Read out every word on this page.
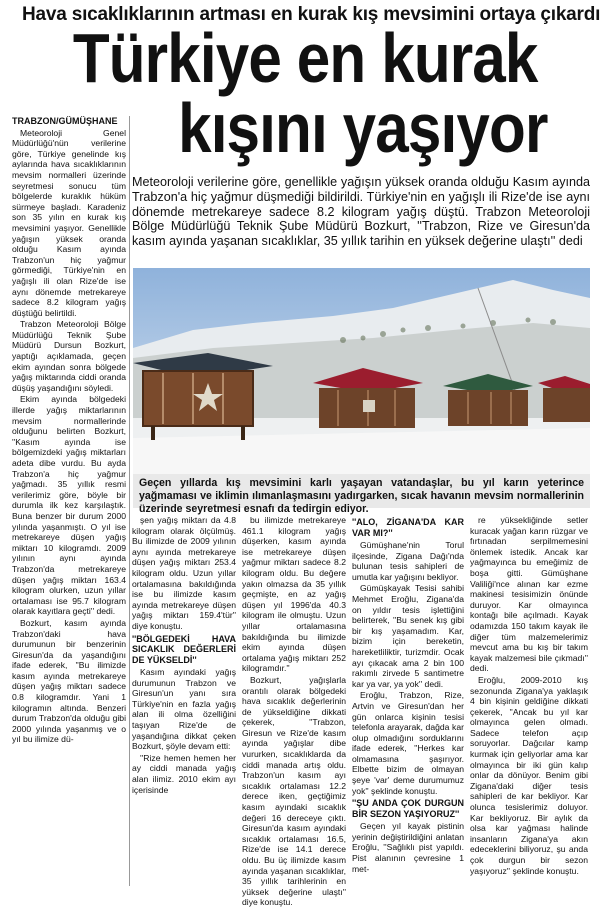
Hava sıcaklıklarının artması en kurak kış mevsimini ortaya çıkardı
Türkiye en kurak
kışını yaşıyor
Meteoroloji verilerine göre, genellikle yağışın yüksek oranda olduğu Kasım ayında Trabzon'a hiç yağmur düşmediği bildirildi. Türkiye'nin en yağışlı ili Rize'de ise aynı dönemde metrekareye sadece 8.2 kilogram yağış düştü. Trabzon Meteoroloji Bölge Müdürlüğü Teknik Şube Müdürü Bozkurt, ''Trabzon, Rize ve Giresun'da kasım ayında yaşanan sıcaklıklar, 35 yıllık tarihin en yüksek değerine ulaştı'' dedi
Geçen yıllarda kış mevsimini karlı yaşayan vatandaşlar, bu yıl karın yeterince yağmaması ve iklimin ılımanlaşmasını yadırgarken, sıcak havanın mevsim normallerinin üzerinde seyretmesi esnafı da tedirgin ediyor.

TRABZON/GÜMÜŞHANE

Meteoroloji Genel Müdürlüğü'nün verilerine göre, Türkiye genelinde kış aylarında hava sıcaklıklarının mevsim normalleri üzerinde seyretmesi sonucu tüm bölgelerde kuraklık hüküm sürmeye başladı. Karadeniz son 35 yılın en kurak kış mevsimini yaşıyor. Genellikle yağışın yüksek oranda olduğu Kasım ayında Trabzon'un hiç yağmur görmediği, Türkiye'nin en yağışlı ili olan Rize'de ise aynı dönemde metrekareye sadece 8.2 kilogram yağış düştüğü belirtildi.

Trabzon Meteoroloji Bölge Müdürlüğü Teknik Şube Müdürü Dursun Bozkurt, yaptığı açıklamada, geçen ekim ayından sonra bölgede yağış miktarında ciddi oranda düşüş yaşandığını söyledi.

Ekim ayında bölgedeki illerde yağış miktarlarının mevsim normallerinde olduğunu belirten Bozkurt, ''Kasım ayında ise bölgemizdeki yağış miktarları adeta dibe vurdu. Bu ayda Trabzon'a hiç yağmur yağmadı. 35 yıllık resmi verilerimiz göre, böyle bir durumla ilk kez karşılaştık. Buna benzer bir durum 2000 yılında yaşanmıştı. O yıl ise metrekareye düşen yağış miktarı 10 kilogramdı. 2009 yılının aynı ayında Trabzon'da metrekareye düşen yağış miktarı 163.4 kilogram olurken, uzun yıllar ortalaması ise 95.7 kilogram olarak kayıtlara geçti'' dedi.

Bozkurt, kasım ayında Trabzon'daki hava durumunun bir benzerinin Giresun'da da yaşandığını ifade ederek, ''Bu ilimizde kasım ayında metrekareye düşen yağış miktarı sadece 0.8 kilogramdır. Yani 1 kilogramın altında. Benzeri durum Trabzon'da olduğu gibi 2000 yılında yaşanmış ve o yıl bu ilimize dü-

şen yağış miktarı da 4.8 kilogram olarak ölçülmüş. Bu ilimizde de 2009 yılının aynı ayında metrekareye düşen yağış miktarı 253.4 kilogram oldu. Uzun yıllar ortalamasına bakıldığında ise bu ilimizde kasım ayında metrekareye düşen yağış miktarı 159.4'tür'' diye konuştu.

''BÖLGEDEKİ HAVA SICAKLIK DEĞERLERİ DE YÜKSELDİ''

Kasım ayındaki yağış durumunun Trabzon ve Giresun'un yanı sıra Türkiye'nin en fazla yağış alan ili olma özelliğini taşıyan Rize'de de yaşandığına dikkat çeken Bozkurt, şöyle devam etti:

''Rize hemen hemen her ay ciddi manada yağış alan ilimiz. 2010 ekim ayı içerisinde

bu ilimizde metrekareye 461.1 kilogram yağış düşerken, kasım ayında ise metrekareye düşen yağmur miktarı sadece 8.2 kilogram oldu. Bu değere yakın olmazsa da 35 yıllık geçmişte, en az yağış düşen yıl 1996'da 40.3 kilogram ile olmuştu. Uzun yıllar ortalamasına bakıldığında bu ilimizde ekim ayında düşen ortalama yağış miktarı 252 kilogramdır.''

Bozkurt, yağışlarla orantılı olarak bölgedeki hava sıcaklık değerlerinin de yükseldiğine dikkati çekerek, ''Trabzon, Giresun ve Rize'de kasım ayında yağışlar dibe vururken, sıcaklıklarda da ciddi manada artış oldu. Trabzon'un kasım ayı sıcaklık ortalaması 12.2 derece iken, geçtiğimiz kasım ayındaki sıcaklık değeri 16 dereceye çıktı. Giresun'da kasım ayındaki sıcaklık ortalaması 16.5, Rize'de ise 14.1 derece oldu. Bu üç ilimizde kasım ayında yaşanan sıcaklıklar, 35 yıllık tarihlerinin en yüksek değerine ulaştı'' diye konuştu.

''ALO, ZİGANA'DA KAR VAR MI?''

Gümüşhane'nin Torul ilçesinde, Zigana Dağı'nda bulunan tesis sahipleri de umutla kar yağışını bekliyor.

Gümüşkayak Tesisi sahibi Mehmet Eroğlu, Zigana'da on yıldır tesis işlettiğini belirterek, ''Bu senek kış gibi bir kış yaşamadım. Kar, bizim için bereketin, hareketliliktir, turizmdir. Ocak ayı çıkacak ama 2 bin 100 rakımlı zirvede 5 santimetre kar ya var, ya yok'' dedi.

Eroğlu, Trabzon, Rize, Artvin ve Giresun'dan her gün onlarca kişinin tesisi telefonla arayarak, dağda kar olup olmadığını sorduklarını ifade ederek, ''Herkes kar olmamasına şaşırıyor. Elbette bizim de olmayan şeye 'var' deme durumumuz yok'' şeklinde konuştu.

''ŞU ANDA ÇOK DURGUN BİR SEZON YAŞIYORUZ''

Geçen yıl kayak pistinin yerinin değiştirildiğini anlatan Eroğlu, ''Sağlıklı pist yapıldı. Pist alanının çevresine 1 met-

re yüksekliğinde setler kuracak yağan karın rüzgar ve fırtınadan serpilmemesini önlemek istedik. Ancak kar yağmayınca bu emeğimiz de boşa gitti. Gümüşhane Valiliği'nce alınan kar ezme makinesi tesisimizin önünde duruyor. Kar olmayınca kontağı bile açılmadı. Kayak odamızda 150 takım kayak ile diğer tüm malzemelerimiz mevcut ama bu kış bir takım kayak malzemesi bile çıkmadı'' dedi.

Eroğlu, 2009-2010 kış sezonunda Zigana'ya yaklaşık 4 bin kişinin geldiğine dikkati çekerek, ''Ancak bu yıl kar olmayınca gelen olmadı. Sadece telefon açıp soruyorlar. Dağcılar kamp kurmak için geliyorlar ama kar olmayınca bir iki gün kalıp onlar da dönüyor. Benim gibi Zigana'daki diğer tesis sahipleri de kar bekliyor. Kar olunca tesislerimiz doluyor. Kar bekliyoruz. Bir aylık da olsa kar yağması halinde insanların Zigana'ya akın edeceklerini biliyoruz, şu anda çok durgun bir sezon yaşıyoruz'' şeklinde konuştu.
